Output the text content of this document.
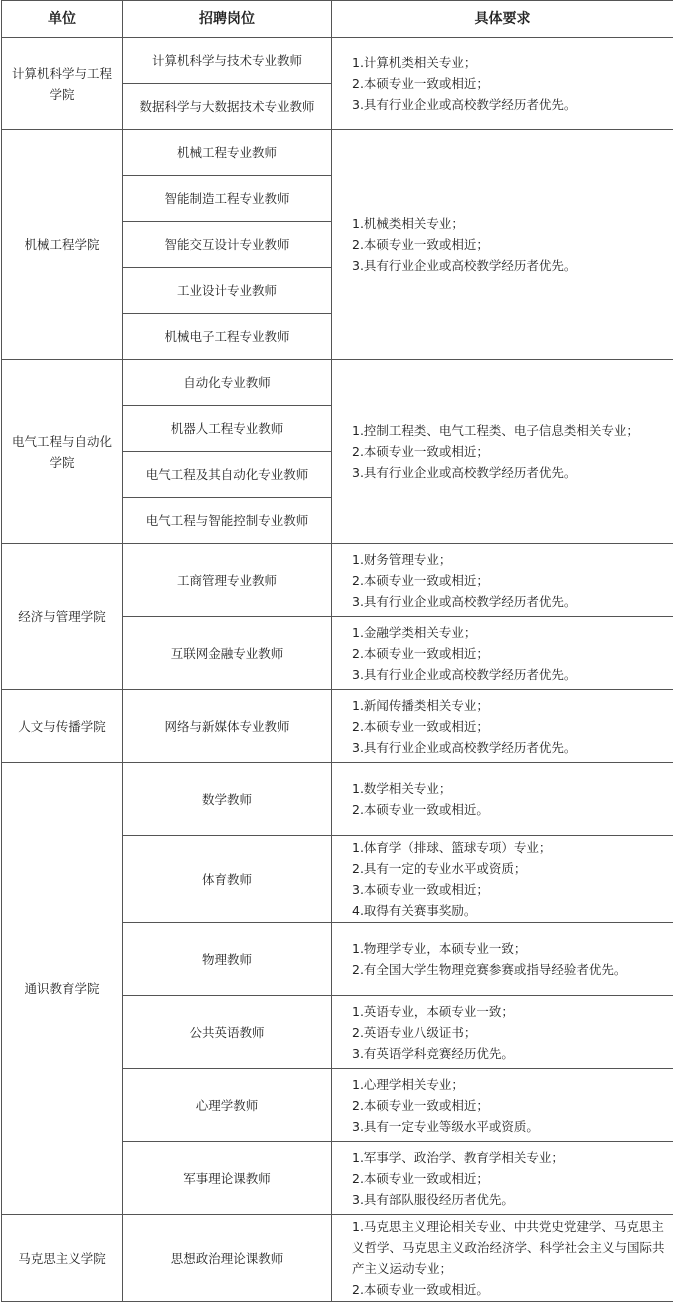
单位	招聘岗位	具体要求
计算机科学与工程学院	计算机科学与技术专业教师	1.计算机类相关专业；
2.本硕专业一致或相近；
3.具有行业企业或高校教学经历者优先。

	数据科学与大数据技术专业教师	
机械工程学院	机械工程专业教师	1.机械类相关专业；
2.本硕专业一致或相近；
3.具有行业企业或高校教学经历者优先。

	智能制造工程专业教师	
	智能交互设计专业教师	
	工业设计专业教师	
	机械电子工程专业教师	
电气工程与自动化学院	自动化专业教师	1.控制工程类、电气工程类、电子信息类相关专业；
2.本硕专业一致或相近；
3.具有行业企业或高校教学经历者优先。

	机器人工程专业教师	
	电气工程及其自动化专业教师	
	电气工程与智能控制专业教师	
经济与管理学院	工商管理专业教师	1.财务管理专业；
2.本硕专业一致或相近；
3.具有行业企业或高校教学经历者优先。

	互联网金融专业教师	1.金融学类相关专业；
2.本硕专业一致或相近；
3.具有行业企业或高校教学经历者优先。

人文与传播学院	网络与新媒体专业教师	1.新闻传播类相关专业；
2.本硕专业一致或相近；
3.具有行业企业或高校教学经历者优先。

通识教育学院	数学教师	1.数学相关专业；
2.本硕专业一致或相近。

	体育教师	1.体育学（排球、篮球专项）专业；
2.具有一定的专业水平或资质；
3.本硕专业一致或相近；
4.取得有关赛事奖励。

	物理教师	1.物理学专业，本硕专业一致；
2.有全国大学生物理竞赛参赛或指导经验者优先。

	公共英语教师	1.英语专业，本硕专业一致；
2.英语专业八级证书；
3.有英语学科竞赛经历优先。

	心理学教师	1.心理学相关专业；
2.本硕专业一致或相近；
3.具有一定专业等级水平或资质。

	军事理论课教师	1.军事学、政治学、教育学相关专业；
2.本硕专业一致或相近；
3.具有部队服役经历者优先。

马克思主义学院	思想政治理论课教师	1.马克思主义理论相关专业、中共党史党建学、马克思主义哲学、马克思主义政治经济学、科学社会主义与国际共产主义运动专业；
2.本硕专业一致或相近。
